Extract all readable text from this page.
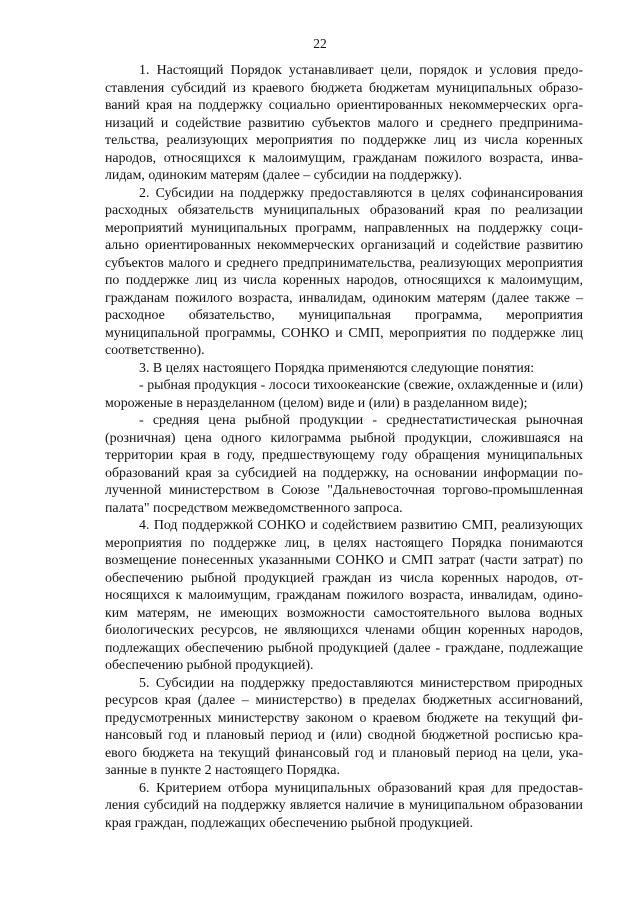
22

1. Настоящий Порядок устанавливает цели, порядок и условия предоставления субсидий из краевого бюджета бюджетам муниципальных образований края на поддержку социально ориентированных некоммерческих организаций и содействие развитию субъектов малого и среднего предпринимательства, реализующих мероприятия по поддержке лиц из числа коренных народов, относящихся к малоимущим, гражданам пожилого возраста, инвалидам, одиноким матерям (далее – субсидии на поддержку).

2. Субсидии на поддержку предоставляются в целях софинансирования расходных обязательств муниципальных образований края по реализации мероприятий муниципальных программ, направленных на поддержку социально ориентированных некоммерческих организаций и содействие развитию субъектов малого и среднего предпринимательства, реализующих мероприятия по поддержке лиц из числа коренных народов, относящихся к малоимущим, гражданам пожилого возраста, инвалидам, одиноким матерям (далее также – расходное обязательство, муниципальная программа, мероприятия муниципальной программы, СОНКО и СМП, мероприятия по поддержке лиц соответственно).

3. В целях настоящего Порядка применяются следующие понятия:

- рыбная продукция - лососи тихоокеанские (свежие, охлажденные и (или) мороженые в неразделанном (целом) виде и (или) в разделанном виде);

- средняя цена рыбной продукции - среднестатистическая рыночная (розничная) цена одного килограмма рыбной продукции, сложившаяся на территории края в году, предшествующему году обращения муниципальных образований края за субсидией на поддержку, на основании информации полученной министерством в Союзе "Дальневосточная торгово-промышленная палата" посредством межведомственного запроса.

4. Под поддержкой СОНКО и содействием развитию СМП, реализующих мероприятия по поддержке лиц, в целях настоящего Порядка понимаются возмещение понесенных указанными СОНКО и СМП затрат (части затрат) по обеспечению рыбной продукцией граждан из числа коренных народов, относящихся к малоимущим, гражданам пожилого возраста, инвалидам, одиноким матерям, не имеющих возможности самостоятельного вылова водных биологических ресурсов, не являющихся членами общин коренных народов, подлежащих обеспечению рыбной продукцией (далее - граждане, подлежащие обеспечению рыбной продукцией).

5. Субсидии на поддержку предоставляются министерством природных ресурсов края (далее – министерство) в пределах бюджетных ассигнований, предусмотренных министерству законом о краевом бюджете на текущий финансовый год и плановый период и (или) сводной бюджетной росписью краевого бюджета на текущий финансовый год и плановый период на цели, указанные в пункте 2 настоящего Порядка.

6. Критерием отбора муниципальных образований края для предоставления субсидий на поддержку является наличие в муниципальном образовании края граждан, подлежащих обеспечению рыбной продукцией.
